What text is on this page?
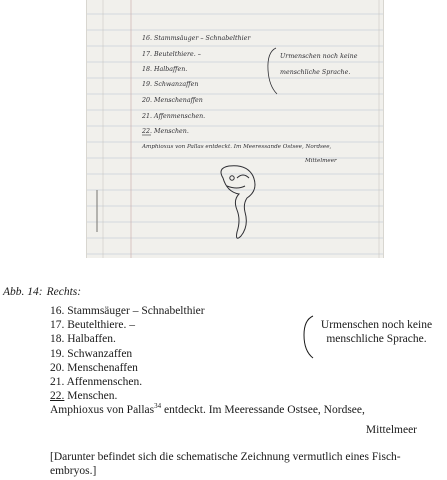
16. Stammsäuger – Schnabelthier
17. Beutelthiere. –
18. Halbaffen.
19. Schwanzaffen
20. Menschenaffen
21. Affenmenschen.
22. Menschen.
Amphioxus von Pallas entdeckt. Im Meeressande Ostsee, Nordsee,
Mittelmeer
Urmenschen noch keine
menschliche Sprache.
Abb. 14: Rechts:
16. Stammsäuger – Schnabelthier
17. Beutelthiere. –
18. Halbaffen.
19. Schwanzaffen
20. Menschenaffen
21. Affenmenschen.
22. Menschen.
Amphioxus von Pallas$^{34}$ entdeckt. Im Meeressande Ostsee, Nordsee,
Mittelmeer
Urmenschen noch keine
menschliche Sprache.
[Darunter befindet sich die schematische Zeichnung vermutlich eines Fisch-embryos.]
